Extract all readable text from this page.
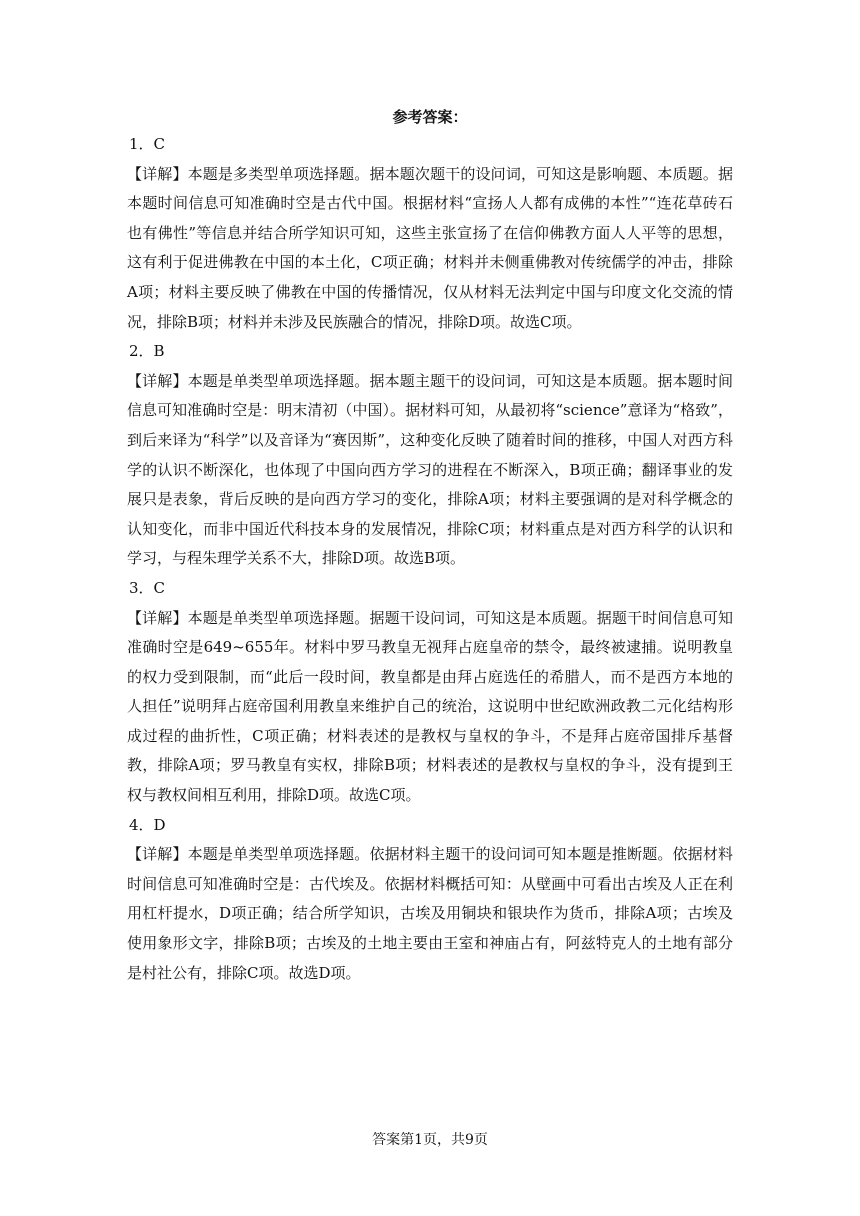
参考答案：

1．C

【详解】本题是多类型单项选择题。据本题次题干的设问词，可知这是影响题、本质题。据本题时间信息可知准确时空是古代中国。根据材料“宣扬人人都有成佛的本性”“连花草砖石也有佛性”等信息并结合所学知识可知，这些主张宣扬了在信仰佛教方面人人平等的思想，这有利于促进佛教在中国的本土化，C项正确；材料并未侧重佛教对传统儒学的冲击，排除A项；材料主要反映了佛教在中国的传播情况，仅从材料无法判定中国与印度文化交流的情况，排除B项；材料并未涉及民族融合的情况，排除D项。故选C项。

2．B

【详解】本题是单类型单项选择题。据本题主题干的设问词，可知这是本质题。据本题时间信息可知准确时空是：明末清初（中国）。据材料可知，从最初将“science”意译为“格致”，到后来译为“科学”以及音译为“赛因斯”，这种变化反映了随着时间的推移，中国人对西方科学的认识不断深化，也体现了中国向西方学习的进程在不断深入，B项正确；翻译事业的发展只是表象，背后反映的是向西方学习的变化，排除A项；材料主要强调的是对科学概念的认知变化，而非中国近代科技本身的发展情况，排除C项；材料重点是对西方科学的认识和学习，与程朱理学关系不大，排除D项。故选B项。

3．C

【详解】本题是单类型单项选择题。据题干设问词，可知这是本质题。据题干时间信息可知准确时空是649~655年。材料中罗马教皇无视拜占庭皇帝的禁令，最终被逮捕。说明教皇的权力受到限制，而“此后一段时间，教皇都是由拜占庭选任的希腊人，而不是西方本地的人担任”说明拜占庭帝国利用教皇来维护自己的统治，这说明中世纪欧洲政教二元化结构形成过程的曲折性，C项正确；材料表述的是教权与皇权的争斗，不是拜占庭帝国排斥基督教，排除A项；罗马教皇有实权，排除B项；材料表述的是教权与皇权的争斗，没有提到王权与教权间相互利用，排除D项。故选C项。

4．D

【详解】本题是单类型单项选择题。依据材料主题干的设问词可知本题是推断题。依据材料时间信息可知准确时空是：古代埃及。依据材料概括可知：从壁画中可看出古埃及人正在利用杠杆提水，D项正确；结合所学知识，古埃及用铜块和银块作为货币，排除A项；古埃及使用象形文字，排除B项；古埃及的土地主要由王室和神庙占有，阿兹特克人的土地有部分是村社公有，排除C项。故选D项。

答案第1页，共9页
